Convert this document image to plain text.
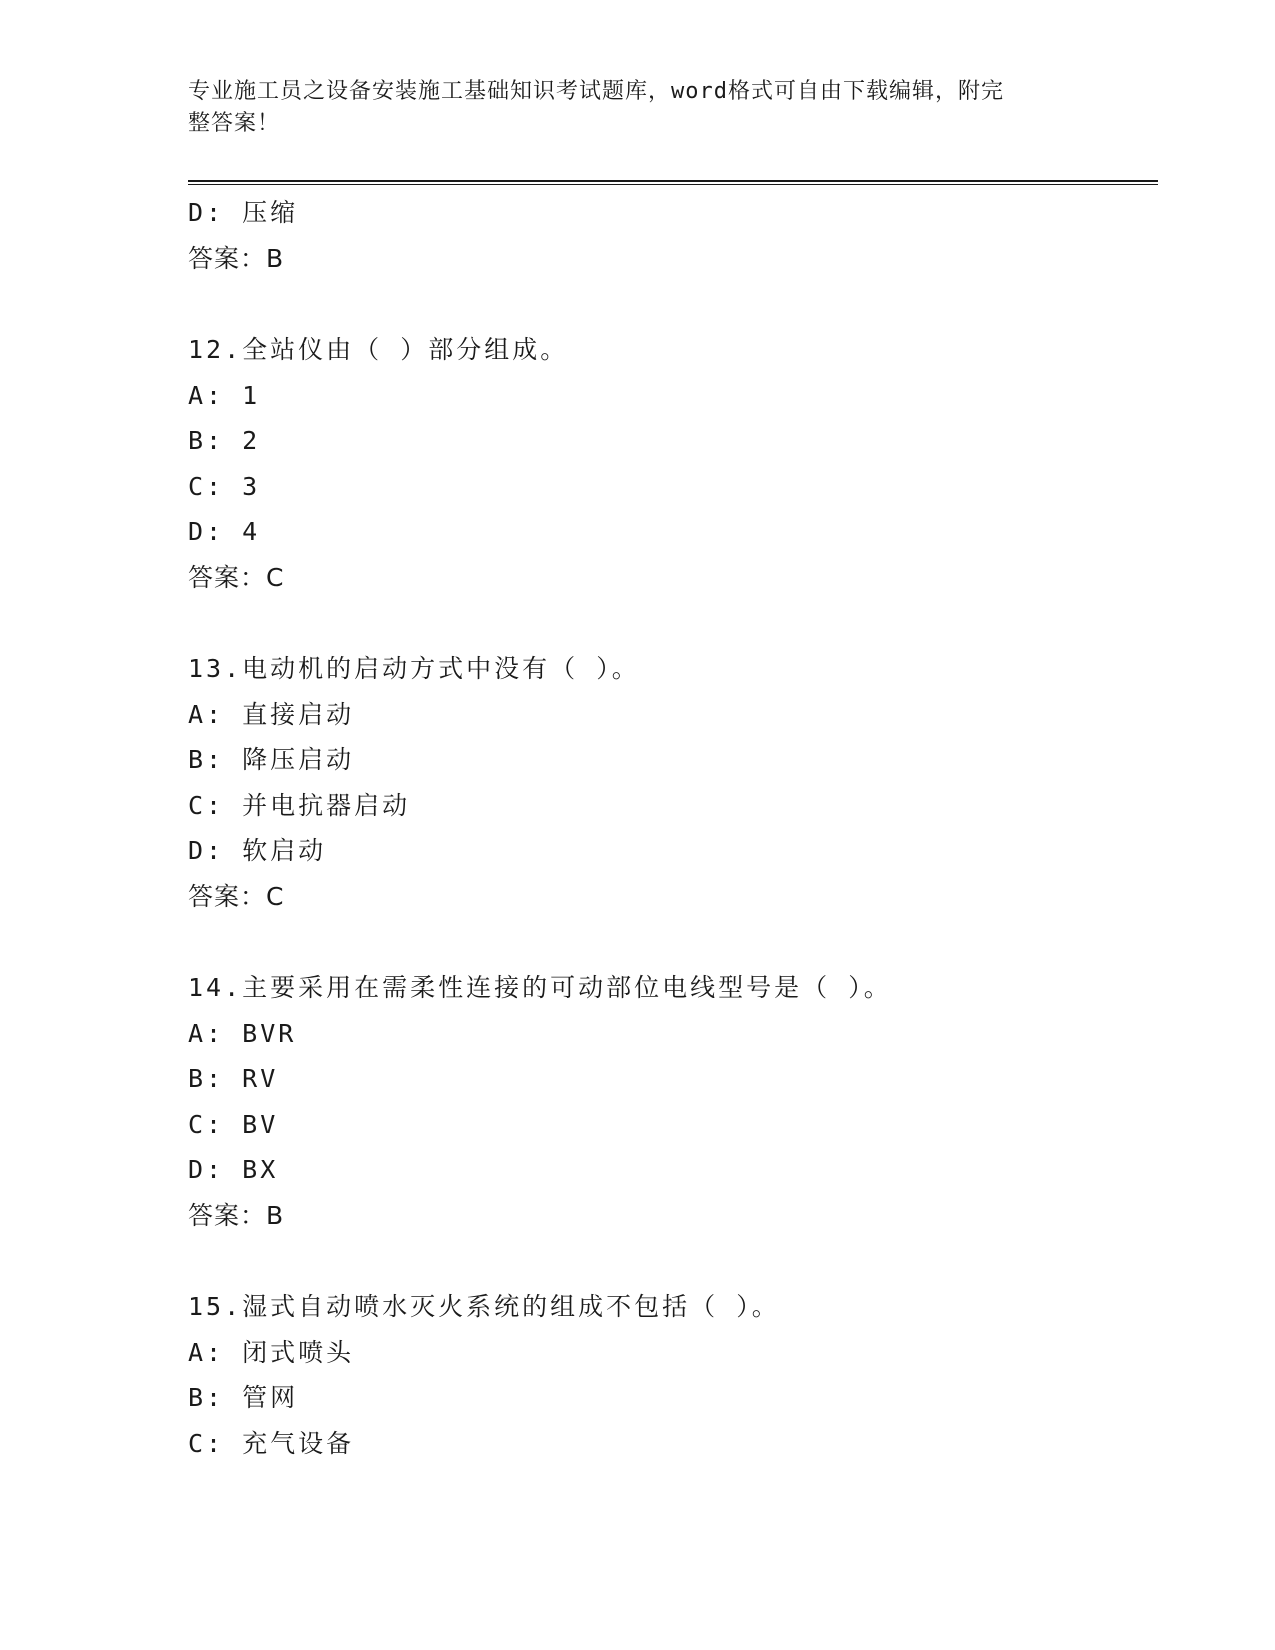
专业施工员之设备安装施工基础知识考试题库，word格式可自由下载编辑，附完
整答案！
D: 压缩
答案：B
12.全站仪由（ ）部分组成。
A: 1
B: 2
C: 3
D: 4
答案：C
13.电动机的启动方式中没有（ ）。
A: 直接启动
B: 降压启动
C: 并电抗器启动
D: 软启动
答案：C
14.主要采用在需柔性连接的可动部位电线型号是（ ）。
A: BVR
B: RV
C: BV
D: BX
答案：B
15.湿式自动喷水灭火系统的组成不包括（ ）。
A: 闭式喷头
B: 管网
C: 充气设备
